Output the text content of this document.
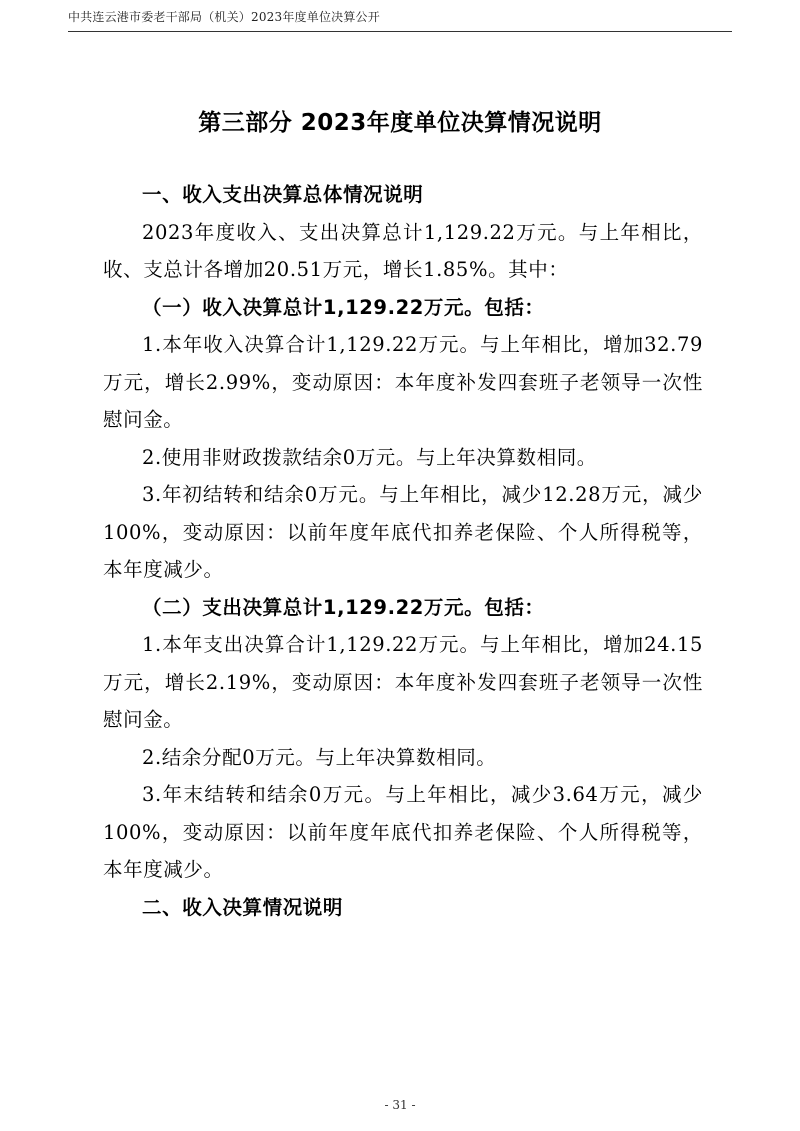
中共连云港市委老干部局（机关）2023年度单位决算公开
第三部分 2023年度单位决算情况说明

一、收入支出决算总体情况说明

2023年度收入、支出决算总计1,129.22万元。与上年相比，收、支总计各增加20.51万元，增长1.85%。其中：

（一）收入决算总计1,129.22万元。包括：

1.本年收入决算合计1,129.22万元。与上年相比，增加32.79万元，增长2.99%，变动原因：本年度补发四套班子老领导一次性慰问金。

2.使用非财政拨款结余0万元。与上年决算数相同。

3.年初结转和结余0万元。与上年相比，减少12.28万元，减少100%，变动原因：以前年度年底代扣养老保险、个人所得税等，本年度减少。

（二）支出决算总计1,129.22万元。包括：

1.本年支出决算合计1,129.22万元。与上年相比，增加24.15万元，增长2.19%，变动原因：本年度补发四套班子老领导一次性慰问金。

2.结余分配0万元。与上年决算数相同。

3.年末结转和结余0万元。与上年相比，减少3.64万元，减少100%，变动原因：以前年度年底代扣养老保险、个人所得税等，本年度减少。

二、收入决算情况说明

- 31 -
